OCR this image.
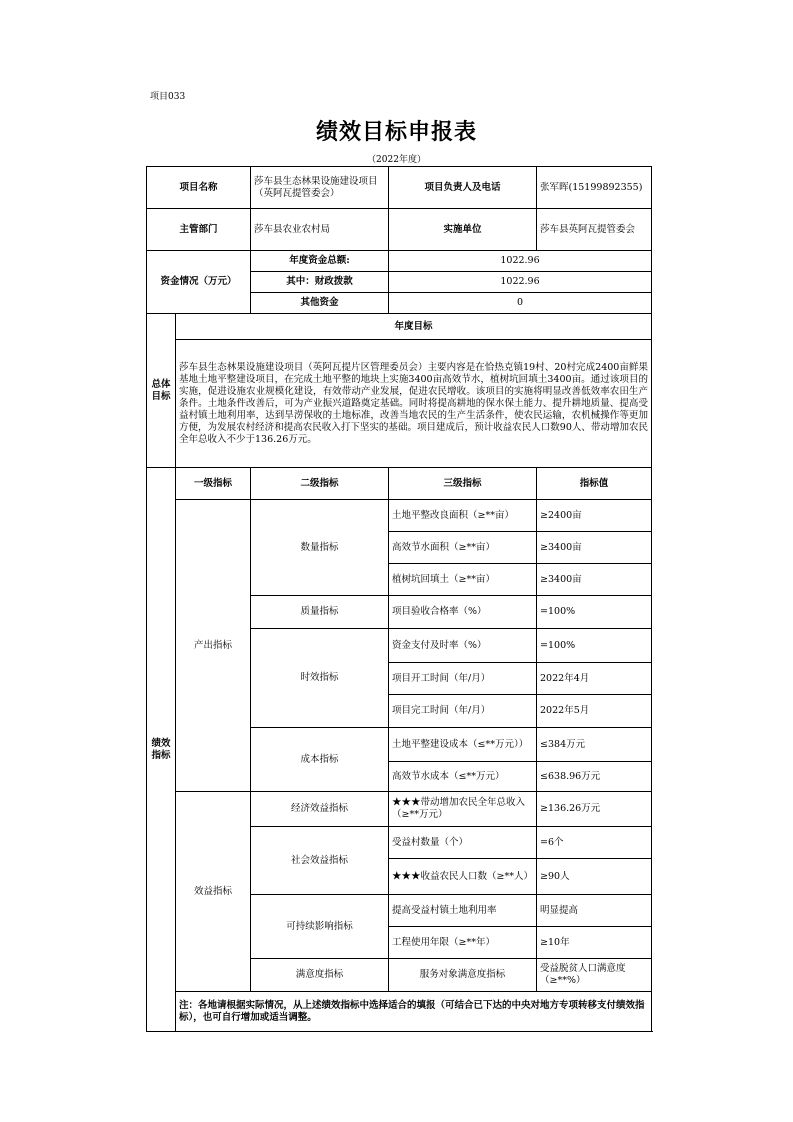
项目033
绩效目标申报表
（2022年度）
项目名称		莎车县生态林果设施建设项目（英阿瓦提管委会）	项目负责人及电话	张军晖(15199892355)	
主管部门		莎车县农业农村局	实施单位	莎车县英阿瓦提管委会	
资金情况（万元）		年度资金总额:	1022.96		
		其中：财政拨款	1022.96		
		其他资金	0		
总体目标	年度目标				
	莎车县生态林果设施建设项目（英阿瓦提片区管理委员会）主要内容是在恰热克镇19村、20村完成2400亩鲜果基地土地平整建设项目，在完成土地平整的地块上实施3400亩高效节水，植树坑回填土3400亩。通过该项目的实施，促进设施农业规模化建设，有效带动产业发展，促进农民增收。该项目的实施将明显改善低效率农田生产条件。土地条件改善后，可为产业振兴道路奠定基础。同时将提高耕地的保水保土能力、提升耕地质量、提高受益村镇土地利用率，达到旱涝保收的土地标准，改善当地农民的生产生活条件，使农民运输，农机械操作等更加方便，为发展农村经济和提高农民收入打下坚实的基础。项目建成后，预计收益农民人口数90人、带动增加农民全年总收入不少于136.26万元。				
绩效指标	一级指标	二级指标	三级指标	指标值	
	产出指标	数量指标	土地平整改良面积（≥**亩）	≥2400亩	
			高效节水面积（≥**亩）	≥3400亩	
			植树坑回填土（≥**亩）	≥3400亩	
		质量指标	项目验收合格率（%）	=100%	
		时效指标	资金支付及时率（%）	=100%	
			项目开工时间（年/月）	2022年4月	
			项目完工时间（年/月）	2022年5月	
		成本指标	土地平整建设成本（≤**万元））	≤384万元	
			高效节水成本（≤**万元）	≤638.96万元	
	效益指标	经济效益指标	★★★带动增加农民全年总收入（≥**万元）	≥136.26万元	
		社会效益指标	受益村数量（个）	=6个	
			★★★收益农民人口数（≥**人）	≥90人	
		可持续影响指标	提高受益村镇土地利用率	明显提高	
			工程使用年限（≥**年）	≥10年	
		满意度指标	服务对象满意度指标	受益脱贫人口满意度（≥**%）	
	注：各地请根据实际情况，从上述绩效指标中选择适合的填报（可结合已下达的中央对地方专项转移支付绩效指标），也可自行增加或适当调整。				
